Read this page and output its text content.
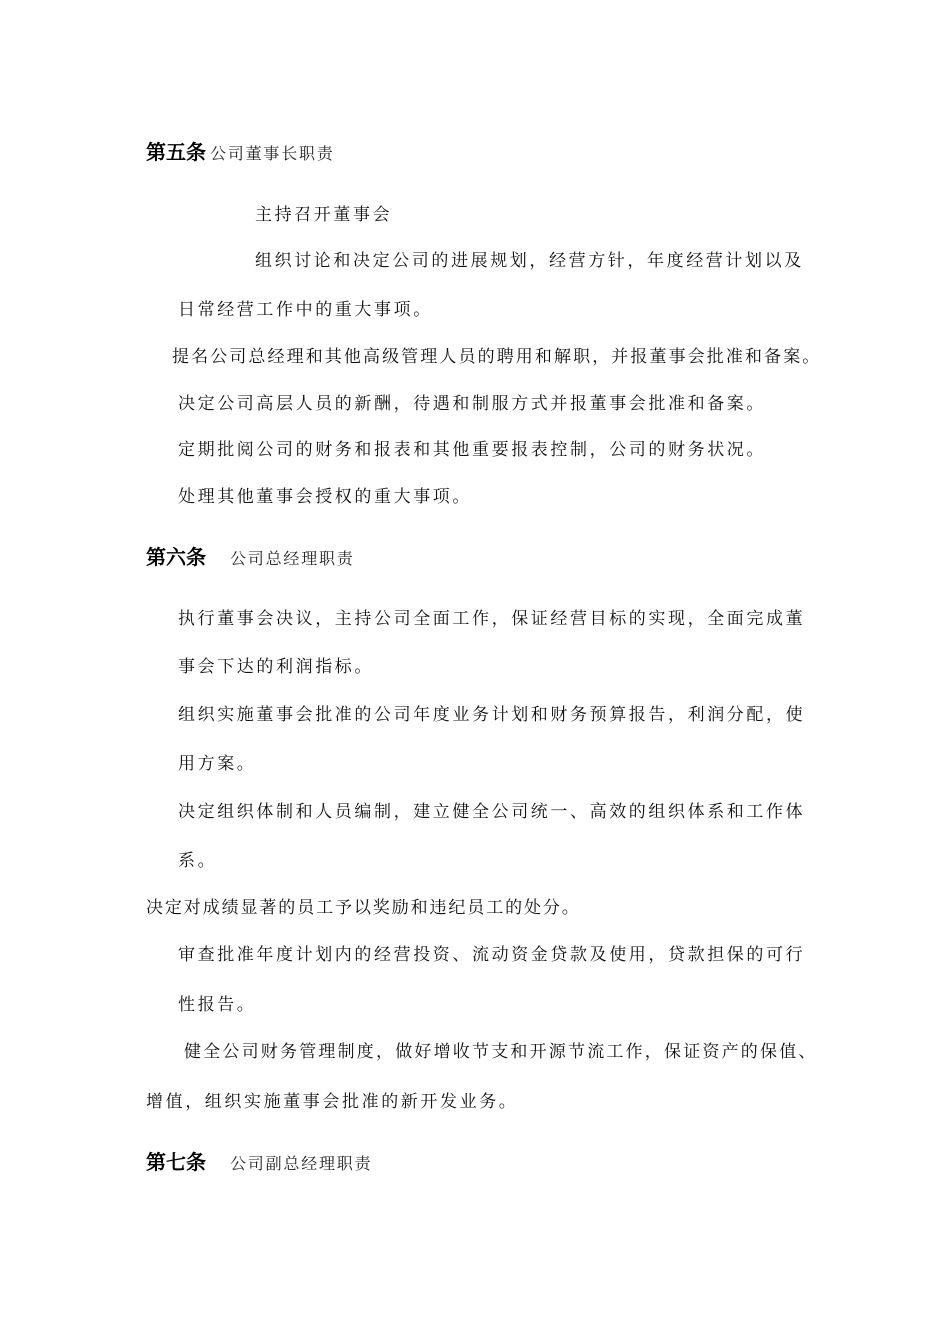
第五条 公司董事长职责
主持召开董事会
组织讨论和决定公司的进展规划，经营方针，年度经营计划以及
日常经营工作中的重大事项。
提名公司总经理和其他高级管理人员的聘用和解职，并报董事会批准和备案。
决定公司高层人员的新酬，待遇和制服方式并报董事会批准和备案。
定期批阅公司的财务和报表和其他重要报表控制，公司的财务状况。
处理其他董事会授权的重大事项。
第六条 公司总经理职责
执行董事会决议，主持公司全面工作，保证经营目标的实现，全面完成董
事会下达的利润指标。
组织实施董事会批准的公司年度业务计划和财务预算报告，利润分配，使
用方案。
决定组织体制和人员编制，建立健全公司统一、高效的组织体系和工作体
系。
决定对成绩显著的员工予以奖励和违纪员工的处分。
审查批准年度计划内的经营投资、流动资金贷款及使用，贷款担保的可行
性报告。
健全公司财务管理制度，做好增收节支和开源节流工作，保证资产的保值、
增值，组织实施董事会批准的新开发业务。
第七条 公司副总经理职责
